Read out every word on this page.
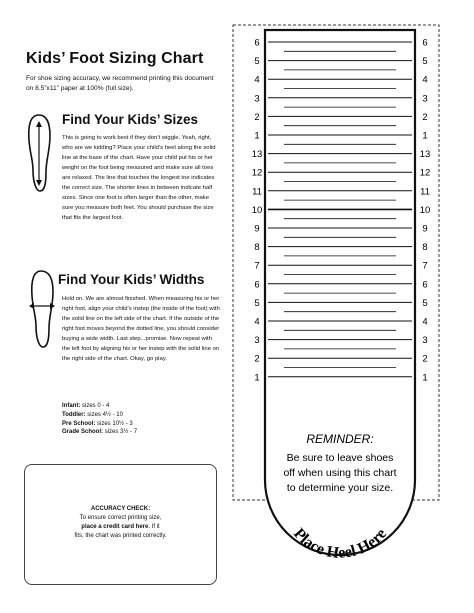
Kids’ Foot Sizing Chart
For shoe sizing accuracy, we recommend printing this document on 8.5”x11” paper at 100% (full size).
Find Your Kids’ Sizes
This is going to work best if they don’t wiggle. Yeah, right, who are we kidding? Place your child’s heel along the solid line at the base of the chart. Have your child put his or her weight on the foot being measured and make sure all toes are relaxed. The line that touches the longest toe indicates the correct size. The shorter lines in between indicate half sizes. Since one foot is often larger than the other, make sure you measure both feet. You should purchase the size that fits the largest foot.
Find Your Kids’ Widths
Hold on. We are almost finished. When measuring his or her right foot, align your child’s instep (the inside of the foot) with the solid line on the left side of the chart. If the outside of the right foot moves beyond the dotted line, you should consider buying a wide width. Last step...promise. Now repeat with the left foot by aligning his or her instep with the solid line on the right side of the chart. Okay, go play.
Infant: sizes 0 - 4
Toddler: sizes 4½ - 10
Pre School: sizes 10½ - 3
Grade School: sizes 3½ - 7
ACCURACY CHECK:
To ensure correct printing size,
place a credit card here. If it
fits, the chart was printed correctly.
6	6
5	5
4	4
3	3
2	2
1	1
13	13
12	12
11	11
10	10
9	9
8	8
7	7
6	6
5	5
4	4
3	3
2	2
1	1
REMINDER:
Be sure to leave shoes
off when using this chart
to determine your size.
Place Heel Here
